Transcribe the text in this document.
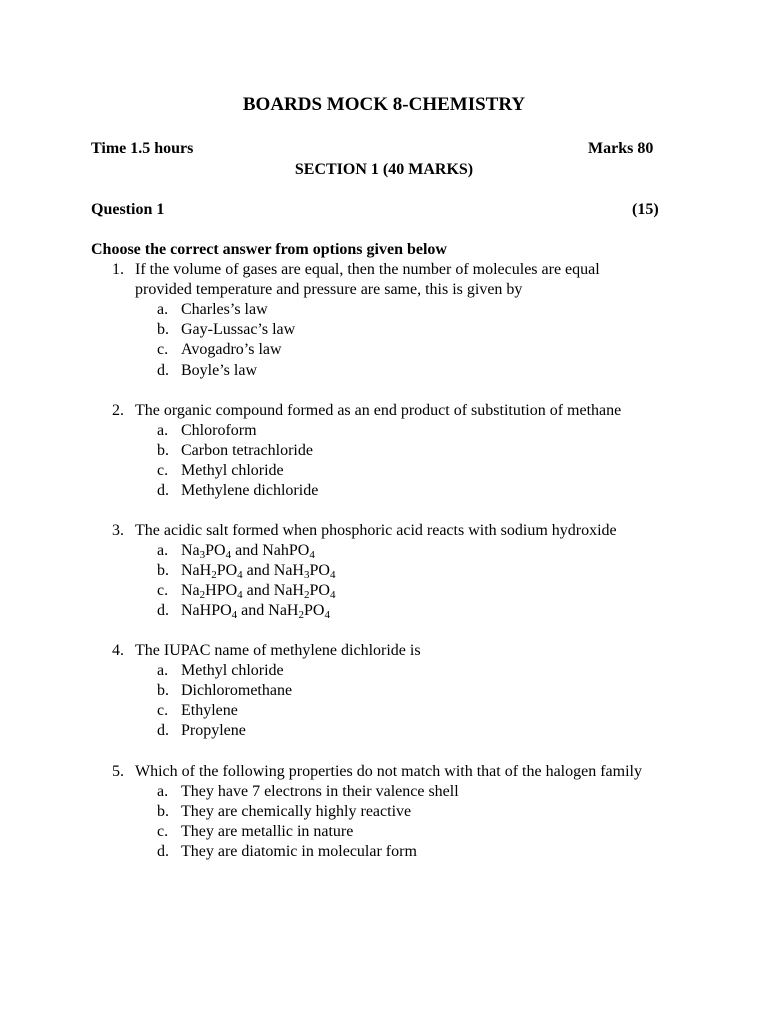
BOARDS MOCK 8-CHEMISTRY
Time 1.5 hours	Marks 80
SECTION 1 (40 MARKS)
Question 1	(15)
Choose the correct answer from options given below
1. If the volume of gases are equal, then the number of molecules are equal
provided temperature and pressure are same, this is given by
a. Charles’s law
b. Gay-Lussac’s law
c. Avogadro’s law
d. Boyle’s law
2. The organic compound formed as an end product of substitution of methane
a. Chloroform
b. Carbon tetrachloride
c. Methyl chloride
d. Methylene dichloride
3. The acidic salt formed when phosphoric acid reacts with sodium hydroxide
a. $Na_3PO_4$ and NahPO$_4$
b. $NaH_2PO_4$ and $NaH_3PO_4$
c. $Na_2HPO_4$ and $NaH_2PO_4$
d. NaHPO$_4$ and $NaH_2PO_4$
4. The IUPAC name of methylene dichloride is
a. Methyl chloride
b. Dichloromethane
c. Ethylene
d. Propylene
5. Which of the following properties do not match with that of the halogen family
a. They have 7 electrons in their valence shell
b. They are chemically highly reactive
c. They are metallic in nature
d. They are diatomic in molecular form
